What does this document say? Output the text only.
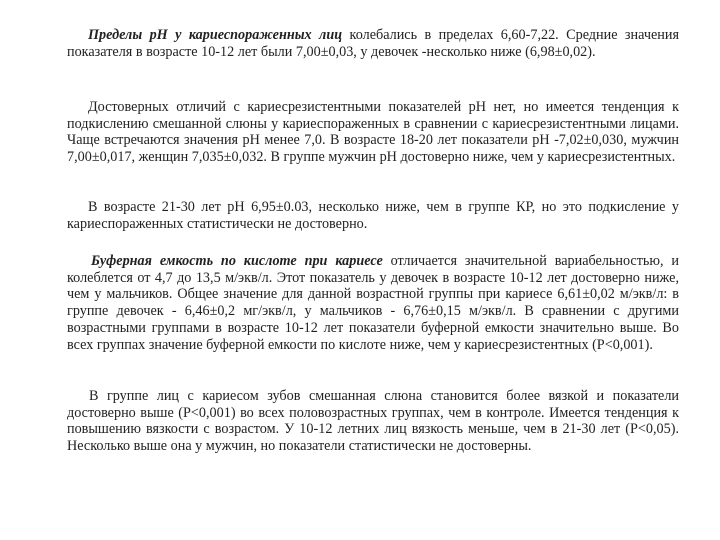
Пределы рН у кариеспораженных лиц колебались в пределах 6,60-7,22. Средние значения показателя в возрасте 10-12 лет были 7,00±0,03, у девочек -несколько ниже (6,98±0,02).

Достоверных отличий с кариесрезистентными показателей рН нет, но имеется тенденция к подкислению смешанной слюны у кариеспораженных в сравнении с кариесрезистентными лицами. Чаще встречаются значения рН менее 7,0. В возрасте 18-20 лет показатели рН -7,02±0,030, мужчин 7,00±0,017, женщин 7,035±0,032. В группе мужчин рН достоверно ниже, чем у кариесрезистентных.

В возрасте 21-30 лет рН 6,95±0.03, несколько ниже, чем в группе КР, но это подкисление у кариеспораженных статистически не достоверно.

Буферная емкость по кислоте при кариесе отличается значительной вариабельностью, и колеблется от 4,7 до 13,5 м/экв/л. Этот показатель у девочек в возрасте 10-12 лет достоверно ниже, чем у мальчиков. Общее значение для данной возрастной группы при кариесе 6,61±0,02 м/экв/л: в группе девочек - 6,46±0,2 мг/экв/л, у мальчиков - 6,76±0,15 м/экв/л. В сравнении с другими возрастными группами в возрасте 10-12 лет показатели буферной емкости значительно выше. Во всех группах значение буферной емкости по кислоте ниже, чем у кариесрезистентных (Р<0,001).

В группе лиц с кариесом зубов смешанная слюна становится более вязкой и показатели достоверно выше (Р<0,001) во всех половозрастных группах, чем в контроле. Имеется тенденция к повышению вязкости с возрастом. У 10-12 летних лиц вязкость меньше, чем в 21-30 лет (Р<0,05). Несколько выше она у мужчин, но показатели статистически не достоверны.
